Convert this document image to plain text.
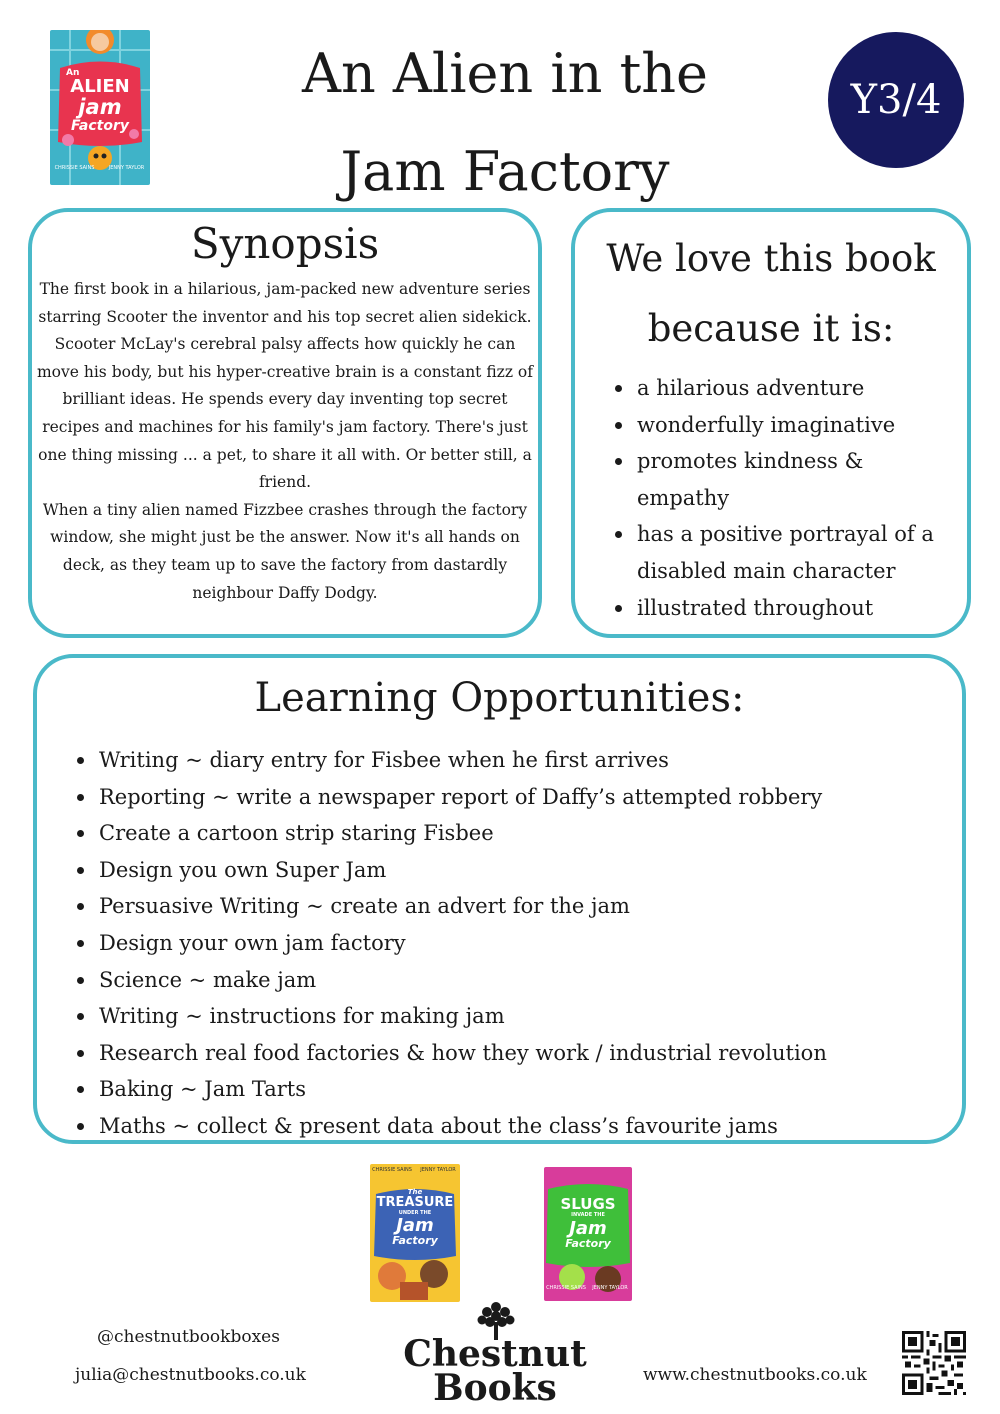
An
ALIEN
jam
Factory
CHRISSIE SAINS	JENNY TAYLOR
An Alien in the
Jam Factory
Y3/4
Synopsis

The first book in a hilarious, jam-packed new adventure series starring Scooter the inventor and his top secret alien sidekick.

Scooter McLay's cerebral palsy affects how quickly he can move his body, but his hyper-creative brain is a constant fizz of brilliant ideas. He spends every day inventing top secret recipes and machines for his family's jam factory. There's just one thing missing ... a pet, to share it all with. Or better still, a friend.

When a tiny alien named Fizzbee crashes through the factory window, she might just be the answer. Now it's all hands on deck, as they team up to save the factory from dastardly neighbour Daffy Dodgy.

We love this book
because it is:
a hilarious adventure
wonderfully imaginative
promotes kindness & empathy
has a positive portrayal of a disabled main character
illustrated throughout
Learning Opportunities:
Writing ~ diary entry for Fisbee when he first arrives
Reporting ~ write a newspaper report of Daffy’s attempted robbery
Create a cartoon strip staring Fisbee
Design you own Super Jam
Persuasive Writing ~ create an advert for the jam
Design your own jam factory
Science ~ make jam
Writing ~ instructions for making jam
Research real food factories & how they work / industrial revolution
Baking ~ Jam Tarts
Maths ~ collect & present data about the class’s favourite jams
CHRISSIE SAINS	JENNY TAYLOR
The
TREASURE
UNDER THE
Jam
Factory
SLUGS
INVADE THE
Jam
Factory
CHRISSIE SAINS	JENNY TAYLOR
@chestnutbookboxes
julia@chestnutbooks.co.uk	Chestnut
Books	www.chestnutbooks.co.uk
